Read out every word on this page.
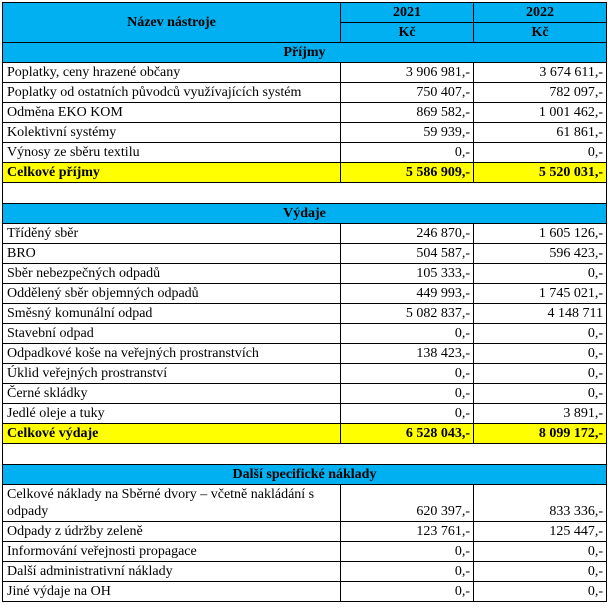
Název nástroje	2021	2022
	Kč	Kč
Příjmy		
Poplatky, ceny hrazené občany	3 906 981,-	3 674 611,-
Poplatky od ostatních původců využívajících systém	750 407,-	782 097,-
Odměna EKO KOM	869 582,-	1 001 462,-
Kolektivní systémy	59 939,-	61 861,-
Výnosy ze sběru textilu	0,-	0,-
Celkové příjmy	5 586 909,-	5 520 031,-

Výdaje		
Tříděný sběr	246 870,-	1 605 126,-
BRO	504 587,-	596 423,-
Sběr nebezpečných odpadů	105 333,-	0,-
Oddělený sběr objemných odpadů	449 993,-	1 745 021,-
Směsný komunální odpad	5 082 837,-	4 148 711
Stavební odpad	0,-	0,-
Odpadkové koše na veřejných prostranstvích	138 423,-	0,-
Úklid veřejných prostranství	0,-	0,-
Černé skládky	0,-	0,-
Jedlé oleje a tuky	0,-	3 891,-
Celkové výdaje	6 528 043,-	8 099 172,-

Další specifické náklady		
Celkové náklady na Sběrné dvory – včetně nakládání s odpady	620 397,-	833 336,-
Odpady z údržby zeleně	123 761,-	125 447,-
Informování veřejnosti propagace	0,-	0,-
Další administrativní náklady	0,-	0,-
Jiné výdaje na OH	0,-	0,-
